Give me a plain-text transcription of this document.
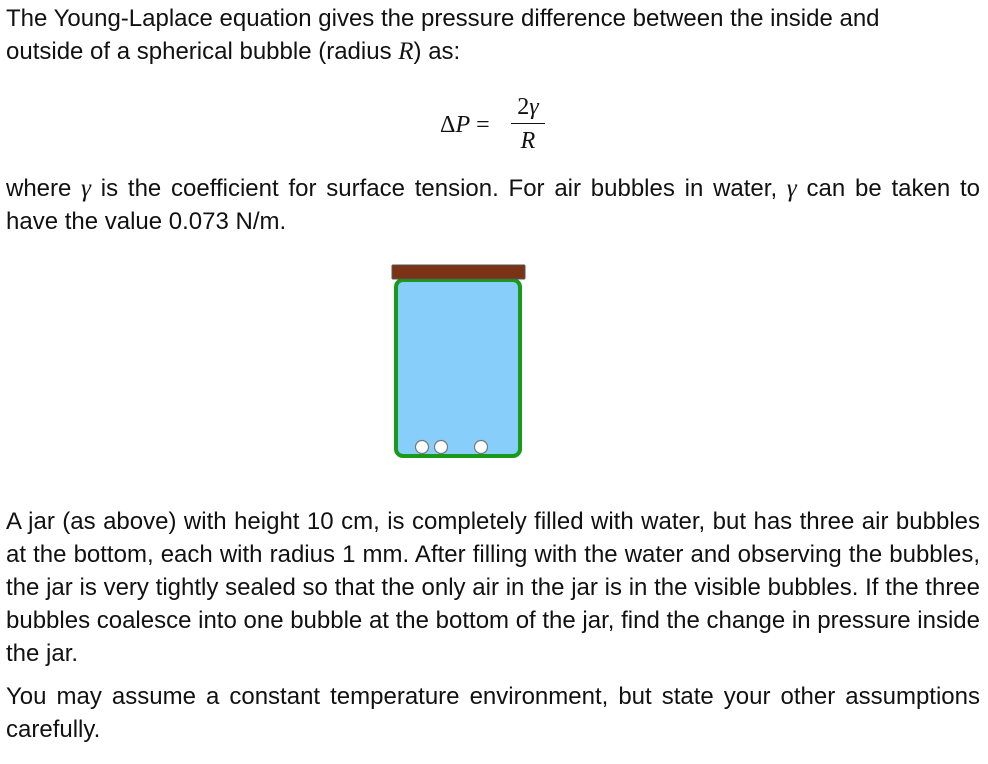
The Young-Laplace equation gives the pressure difference between the inside and
outside of a spherical bubble (radius R) as:

ΔP =
2γ
R

where γ is the coefficient for surface tension. For air bubbles in water, γ can be taken to have the value 0.073 N/m.

A jar (as above) with height 10 cm, is completely filled with water, but has three air bubbles at the bottom, each with radius 1 mm. After filling with the water and observing the bubbles, the jar is very tightly sealed so that the only air in the jar is in the visible bubbles. If the three bubbles coalesce into one bubble at the bottom of the jar, find the change in pressure inside the jar.

You may assume a constant temperature environment, but state your other assumptions carefully.
